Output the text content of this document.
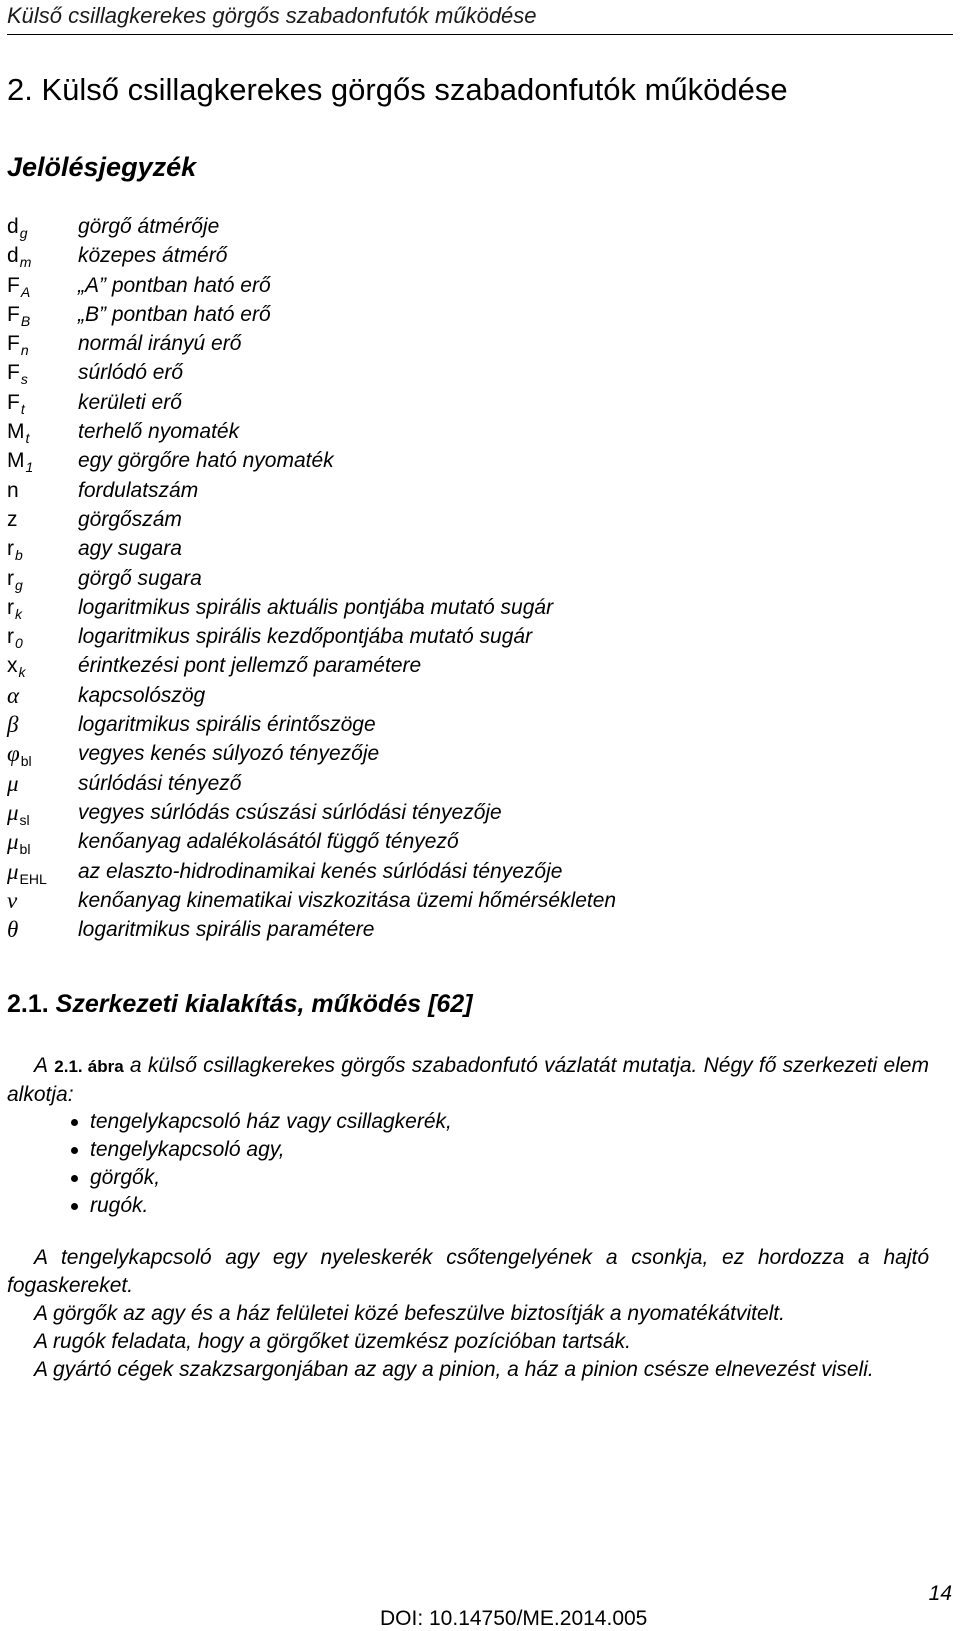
Külső csillagkerekes görgős szabadonfutók működése
2. Külső csillagkerekes görgős szabadonfutók működése
Jelölésjegyzék
$d_g$	görgő átmérője
$d_m$	közepes átmérő
$F_A$	„A” pontban ható erő
$F_B$	„B” pontban ható erő
$F_n$	normál irányú erő
$F_s$	súrlódó erő
$F_t$	kerületi erő
$M_t$	terhelő nyomaték
$M_1$	egy görgőre ható nyomaték
n	fordulatszám
z	görgőszám
$r_b$	agy sugara
$r_g$	görgő sugara
$r_k$	logaritmikus spirális aktuális pontjába mutató sugár
$r_0$	logaritmikus spirális kezdőpontjába mutató sugár
$x_k$	érintkezési pont jellemző paramétere
α	kapcsolószög
β	logaritmikus spirális érintőszöge
$\varphi_{bl}$	vegyes kenés súlyozó tényezője
μ	súrlódási tényező
$\mu_{sl}$	vegyes súrlódás csúszási súrlódási tényezője
$\mu_{bl}$	kenőanyag adalékolásától függő tényező
$\mu_{EHL}$	az elaszto-hidrodinamikai kenés súrlódási tényezője
ν	kenőanyag kinematikai viszkozitása üzemi hőmérsékleten
θ	logaritmikus spirális paramétere
2.1. Szerkezeti kialakítás, működés [62]

A 2.1. ábra a külső csillagkerekes görgős szabadonfutó vázlatát mutatja. Négy fő szerkezeti elem alkotja:

tengelykapcsoló ház vagy csillagkerék,
tengelykapcsoló agy,
görgők,
rugók.

A tengelykapcsoló agy egy nyeleskerék csőtengelyének a csonkja, ez hordozza a hajtó fogaskereket.

A görgők az agy és a ház felületei közé befeszülve biztosítják a nyomatékátvitelt.

A rugók feladata, hogy a görgőket üzemkész pozícióban tartsák.

A gyártó cégek szakzsargonjában az agy a pinion, a ház a pinion csésze elnevezést viseli.

14
DOI: 10.14750/ME.2014.005
